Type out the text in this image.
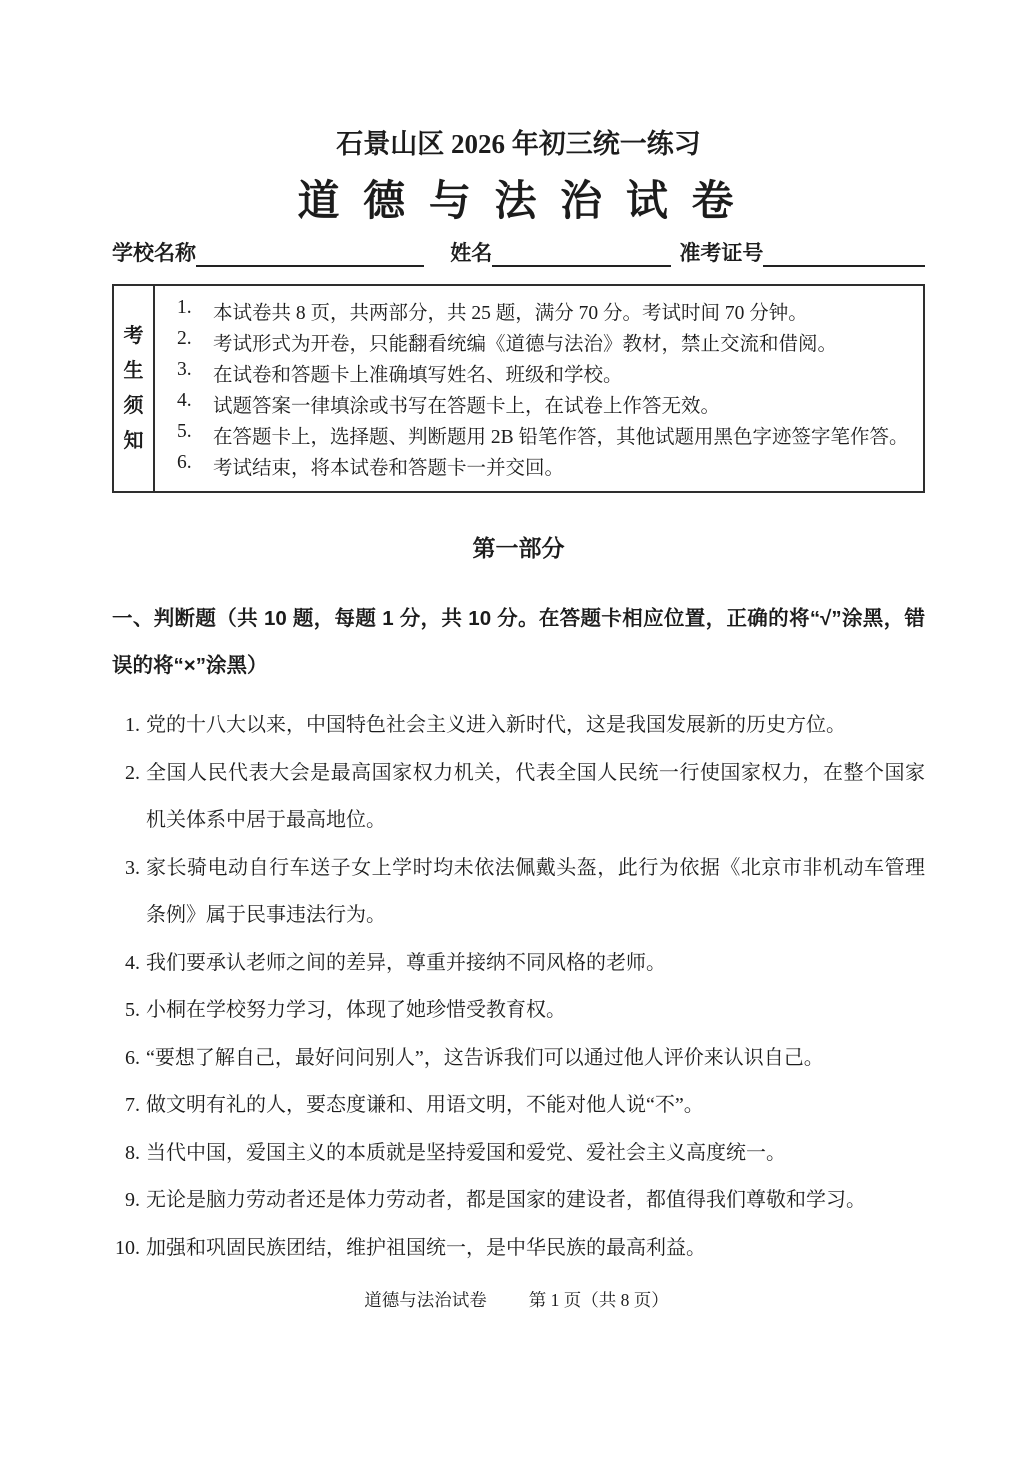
石景山区 2026 年初三统一练习
道 德 与 法 治 试 卷
学校名称	姓名	准考证号
考
生
须
知
1.	本试卷共 8 页，共两部分，共 25 题，满分 70 分。考试时间 70 分钟。
2.	考试形式为开卷，只能翻看统编《道德与法治》教材，禁止交流和借阅。
3.	在试卷和答题卡上准确填写姓名、班级和学校。
4.	试题答案一律填涂或书写在答题卡上，在试卷上作答无效。
5.	在答题卡上，选择题、判断题用 2B 铅笔作答，其他试题用黑色字迹签字笔作答。
6.	考试结束，将本试卷和答题卡一并交回。
第一部分
一、判断题（共 10 题，每题 1 分，共 10 分。在答题卡相应位置，正确的将“√”涂黑，错误的将“×”涂黑）
1. 党的十八大以来，中国特色社会主义进入新时代，这是我国发展新的历史方位。
2. 全国人民代表大会是最高国家权力机关，代表全国人民统一行使国家权力，在整个国家机关体系中居于最高地位。
3. 家长骑电动自行车送子女上学时均未依法佩戴头盔，此行为依据《北京市非机动车管理条例》属于民事违法行为。
4. 我们要承认老师之间的差异，尊重并接纳不同风格的老师。
5. 小桐在学校努力学习，体现了她珍惜受教育权。
6. “要想了解自己，最好问问别人”，这告诉我们可以通过他人评价来认识自己。
7. 做文明有礼的人，要态度谦和、用语文明，不能对他人说“不”。
8. 当代中国，爱国主义的本质就是坚持爱国和爱党、爱社会主义高度统一。
9. 无论是脑力劳动者还是体力劳动者，都是国家的建设者，都值得我们尊敬和学习。
10. 加强和巩固民族团结，维护祖国统一，是中华民族的最高利益。
道德与法治试卷 第 1 页（共 8 页）
